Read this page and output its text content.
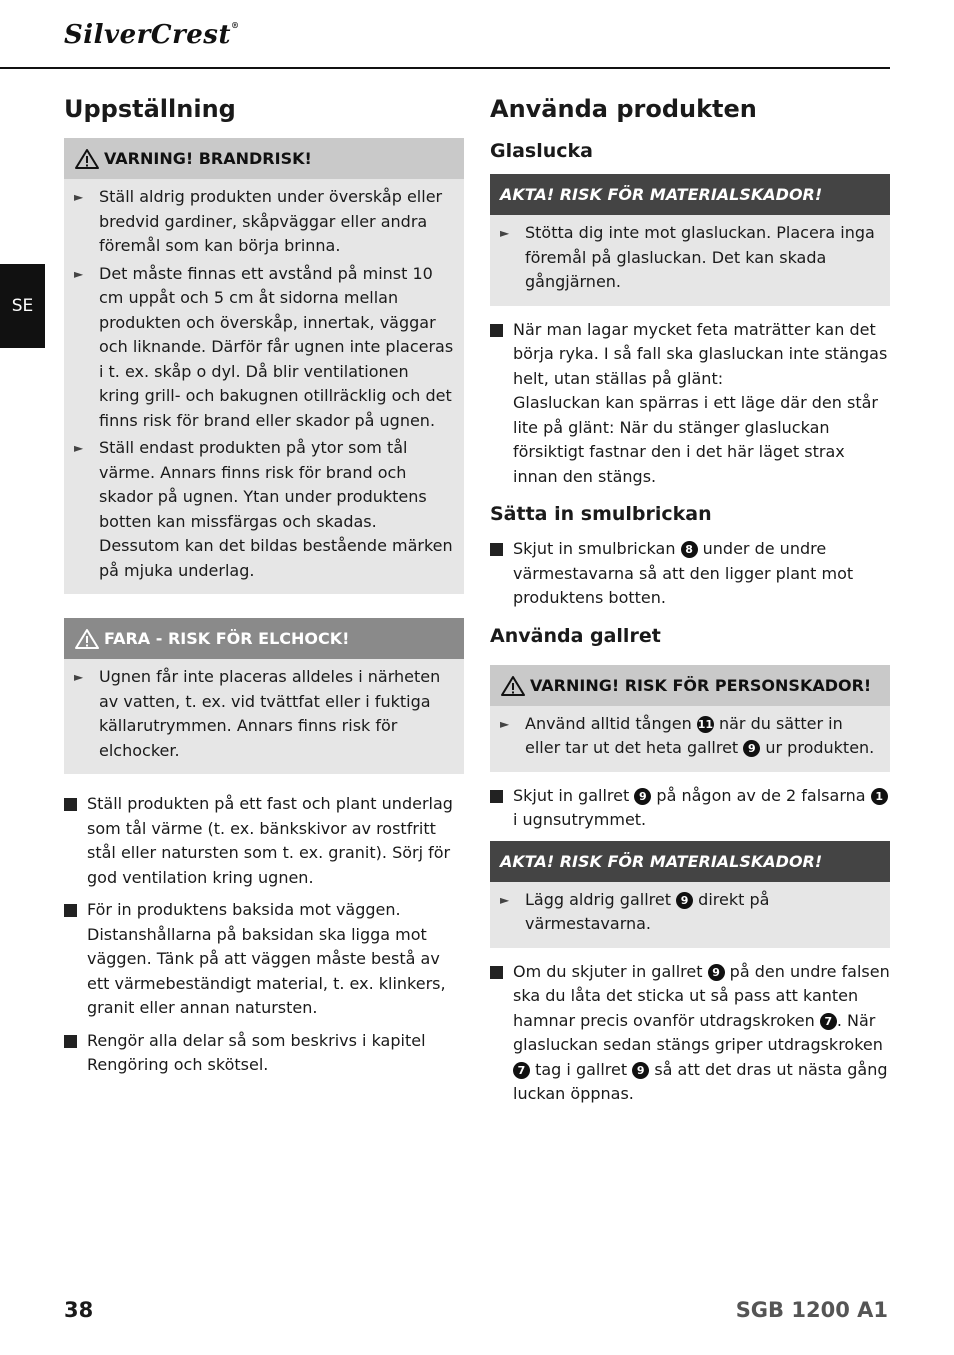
SilverCrest®
SE
Uppställning
VARNING! BRANDRISK!
► Ställ aldrig produkten under överskåp eller bredvid gardiner, skåpväggar eller andra föremål som kan börja brinna.
► Det måste finnas ett avstånd på minst 10 cm uppåt och 5 cm åt sidorna mellan produkten och överskåp, innertak, väggar och liknande. Därför får ugnen inte placeras i t. ex. skåp o dyl. Då blir ventilationen kring grill- och bakugnen otillräcklig och det finns risk för brand eller skador på ugnen.
► Ställ endast produkten på ytor som tål värme. Annars finns risk för brand och skador på ugnen. Ytan under produktens botten kan missfärgas och skadas. Dessutom kan det bildas bestående märken på mjuka underlag.
FARA - RISK FÖR ELCHOCK!
► Ugnen får inte placeras alldeles i närheten av vatten, t. ex. vid tvättfat eller i fuktiga källarutrymmen. Annars finns risk för elchocker.
Ställ produkten på ett fast och plant underlag som tål värme (t. ex. bänkskivor av rostfritt stål eller natursten som t. ex. granit). Sörj för god ventilation kring ugnen.
För in produktens baksida mot väggen. Distanshållarna på baksidan ska ligga mot väggen. Tänk på att väggen måste bestå av ett värmebeständigt material, t. ex. klinkers, granit eller annan natursten.
Rengör alla delar så som beskrivs i kapitel Rengöring och skötsel.
Använda produkten
Glaslucka
AKTA! RISK FÖR MATERIALSKADOR!
► Stötta dig inte mot glasluckan. Placera inga föremål på glasluckan. Det kan skada gångjärnen.
När man lagar mycket feta maträtter kan det börja ryka. I så fall ska glasluckan inte stängas helt, utan ställas på glänt:
Glasluckan kan spärras i ett läge där den står lite på glänt: När du stänger glasluckan försiktigt fastnar den i det här läget strax innan den stängs.
Sätta in smulbrickan
Skjut in smulbrickan 8 under de undre värmestavarna så att den ligger plant mot produktens botten.
Använda gallret
VARNING! RISK FÖR PERSONSKADOR!
► Använd alltid tången 11 när du sätter in eller tar ut det heta gallret 9 ur produkten.
Skjut in gallret 9 på någon av de 2 falsarna 1 i ugnsutrymmet.
AKTA! RISK FÖR MATERIALSKADOR!
► Lägg aldrig gallret 9 direkt på värmestavarna.
Om du skjuter in gallret 9 på den undre falsen ska du låta det sticka ut så pass att kanten hamnar precis ovanför utdragskroken 7 . När glasluckan sedan stängs griper utdragskroken 7 tag i gallret 9 så att det dras ut nästa gång luckan öppnas.
38	SGB 1200 A1
